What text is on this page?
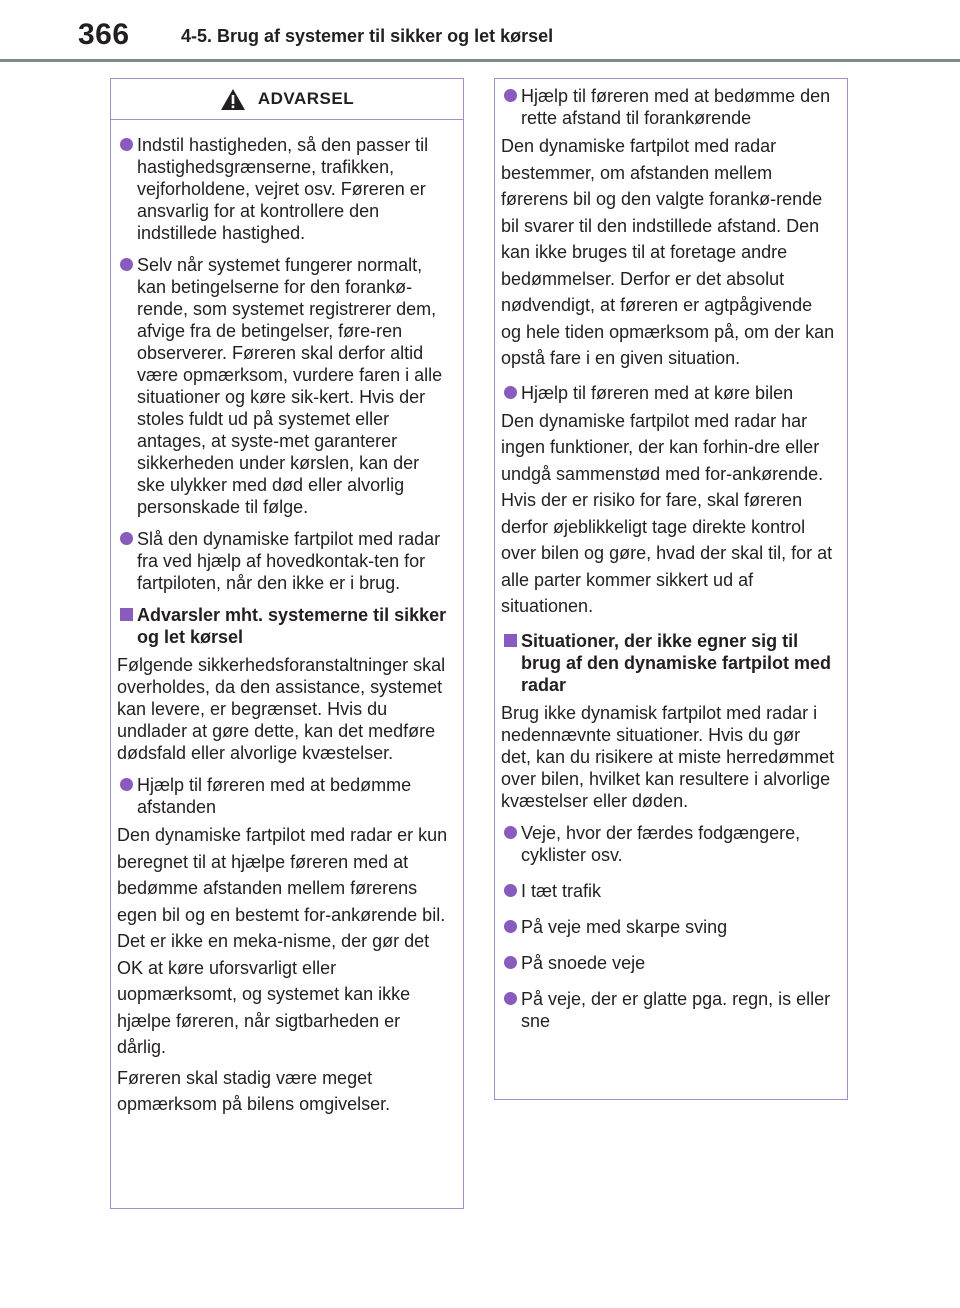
366	4-5. Brug af systemer til sikker og let kørsel
ADVARSEL

Indstil hastigheden, så den passer til hastighedsgrænserne, trafikken, vejforholdene, vejret osv. Føreren er ansvarlig for at kontrollere den indstillede hastighed.

Selv når systemet fungerer normalt, kan betingelserne for den forankø-rende, som systemet registrerer dem, afvige fra de betingelser, føre-ren observerer. Føreren skal derfor altid være opmærksom, vurdere faren i alle situationer og køre sik-kert. Hvis der stoles fuldt ud på systemet eller antages, at syste-met garanterer sikkerheden under kørslen, kan der ske ulykker med død eller alvorlig personskade til følge.

Slå den dynamiske fartpilot med radar fra ved hjælp af hovedkontak-ten for fartpiloten, når den ikke er i brug.

Advarsler mht. systemerne til sikker og let kørsel

Følgende sikkerhedsforanstaltninger skal overholdes, da den assistance, systemet kan levere, er begrænset. Hvis du undlader at gøre dette, kan det medføre dødsfald eller alvorlige kvæstelser.

Hjælp til føreren med at bedømme afstanden

Den dynamiske fartpilot med radar er kun beregnet til at hjælpe føreren med at bedømme afstanden mellem førerens egen bil og en bestemt for-ankørende bil. Det er ikke en meka-nisme, der gør det OK at køre uforsvarligt eller uopmærksomt, og systemet kan ikke hjælpe føreren, når sigtbarheden er dårlig.

Føreren skal stadig være meget opmærksom på bilens omgivelser.

Hjælp til føreren med at bedømme den rette afstand til forankørende

Den dynamiske fartpilot med radar bestemmer, om afstanden mellem førerens bil og den valgte forankø-rende bil svarer til den indstillede afstand. Den kan ikke bruges til at foretage andre bedømmelser. Derfor er det absolut nødvendigt, at føreren er agtpågivende og hele tiden opmærksom på, om der kan opstå fare i en given situation.

Hjælp til føreren med at køre bilen

Den dynamiske fartpilot med radar har ingen funktioner, der kan forhin-dre eller undgå sammenstød med for-ankørende. Hvis der er risiko for fare, skal føreren derfor øjeblikkeligt tage direkte kontrol over bilen og gøre, hvad der skal til, for at alle parter kommer sikkert ud af situationen.

Situationer, der ikke egner sig til brug af den dynamiske fartpilot med radar

Brug ikke dynamisk fartpilot med radar i nedennævnte situationer. Hvis du gør det, kan du risikere at miste herredømmet over bilen, hvilket kan resultere i alvorlige kvæstelser eller døden.

Veje, hvor der færdes fodgængere, cyklister osv.

I tæt trafik

På veje med skarpe sving

På snoede veje

På veje, der er glatte pga. regn, is eller sne
